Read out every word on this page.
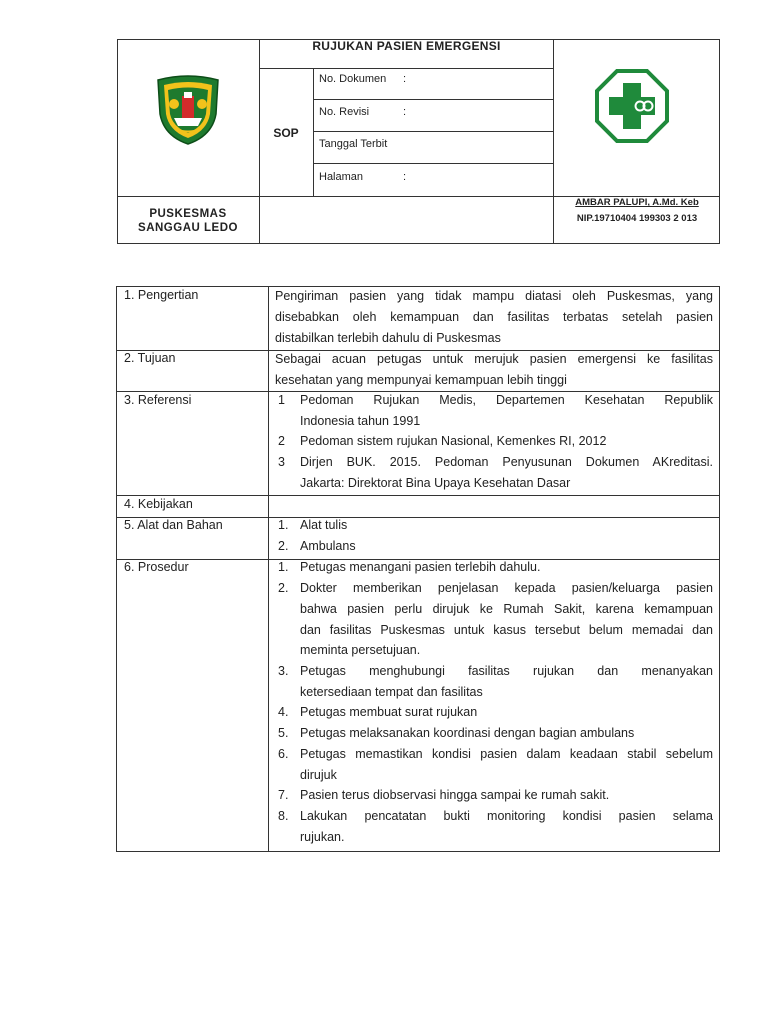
RUJUKAN PASIEN EMERGENSI
SOP
No. Dokumen :
No. Revisi	:
Tanggal Terbit
Halaman	:
PUSKESMAS
SANGGAU LEDO
AMBAR PALUPI, A.Md. Keb
NIP.19710404 199303 2 013
1. Pengertian	Pengiriman pasien yang tidak mampu diatasi oleh Puskesmas, yang
disebabkan oleh kemampuan dan fasilitas terbatas setelah pasien
distabilkan terlebih dahulu di Puskesmas
2. Tujuan	Sebagai acuan petugas untuk merujuk pasien emergensi ke fasilitas
kesehatan yang mempunyai kemampuan lebih tinggi
3. Referensi	1 Pedoman Rujukan Medis, Departemen Kesehatan Republik
Indonesia tahun 1991
2 Pedoman sistem rujukan Nasional, Kemenkes RI, 2012
3 Dirjen BUK. 2015. Pedoman Penyusunan Dokumen AKreditasi.
Jakarta: Direktorat Bina Upaya Kesehatan Dasar
4. Kebijakan
5. Alat dan Bahan	1. Alat tulis
2. Ambulans
6. Prosedur	1. Petugas menangani pasien terlebih dahulu.
2. Dokter memberikan penjelasan kepada pasien/keluarga pasien
bahwa pasien perlu dirujuk ke Rumah Sakit, karena kemampuan
dan fasilitas Puskesmas untuk kasus tersebut belum memadai dan
meminta persetujuan.
3. Petugas menghubungi fasilitas rujukan dan menanyakan
ketersediaan tempat dan fasilitas
4. Petugas membuat surat rujukan
5. Petugas melaksanakan koordinasi dengan bagian ambulans
6. Petugas memastikan kondisi pasien dalam keadaan stabil sebelum
dirujuk
7. Pasien terus diobservasi hingga sampai ke rumah sakit.
8. Lakukan pencatatan bukti monitoring kondisi pasien selama
rujukan.
